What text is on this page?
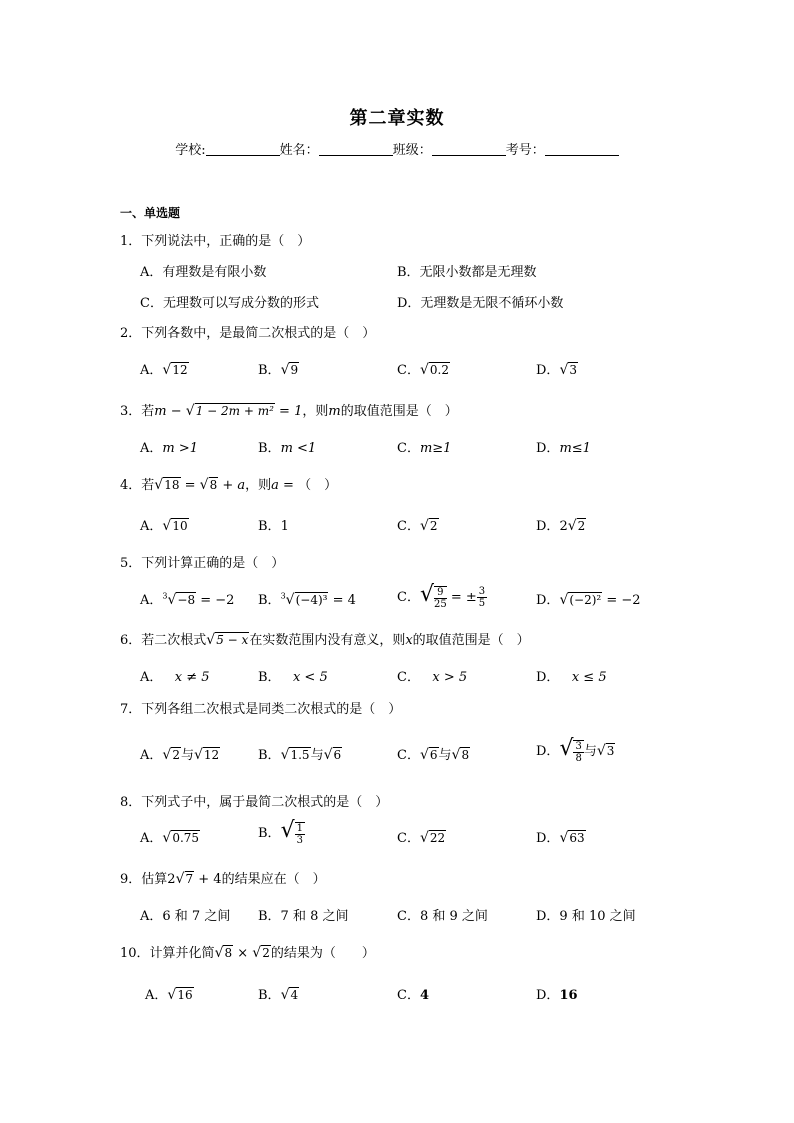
第二章实数
学校:	姓名：	班级：	考号：
一、单选题
1．下列说法中，正确的是（　）
A．有理数是有限小数	B．无限小数都是无理数
C．无理数可以写成分数的形式	D．无理数是无限不循环小数
2．下列各数中，是最简二次根式的是（　）
A．√12	B．√9	C．√0.2	D．√3
3．若m − √1 − 2m + m² = 1，则m的取值范围是（　）
A．m >1	B．m <1	C．m≥1	D．m≤1
4．若√18 = √8 + a，则a = （　）
A．√10	B．1	C．√2	D．2√2
5．下列计算正确的是（　）
A．$^3$√−8 = −2 B．$^3$√(−4)³ = 4	C．√ $\frac{9}{25}$ = ± $\frac{3}{5}$	D．√(−2)² = −2
6．若二次根式√5 − x在实数范围内没有意义，则x的取值范围是（　）
A． x ≠ 5	B． x < 5	C． x > 5	D． x ≤ 5
7．下列各组二次根式是同类二次根式的是（　）
A．√2与√12	B．√1.5与√6	C．√6与√8	D．√ $\frac{3}{8}$ 与√3
8．下列式子中，属于最简二次根式的是（　）
A．√0.75	B．√ $\frac{1}{3}$	C．√22	D．√63
9．估算2√7 + 4的结果应在（　）
A．6 和 7 之间 B．7 和 8 之间	C．8 和 9 之间	D．9 和 10 之间
10．计算并化简√8 × √2的结果为（　　）
A．√16	B．√4	C．4	D．16
